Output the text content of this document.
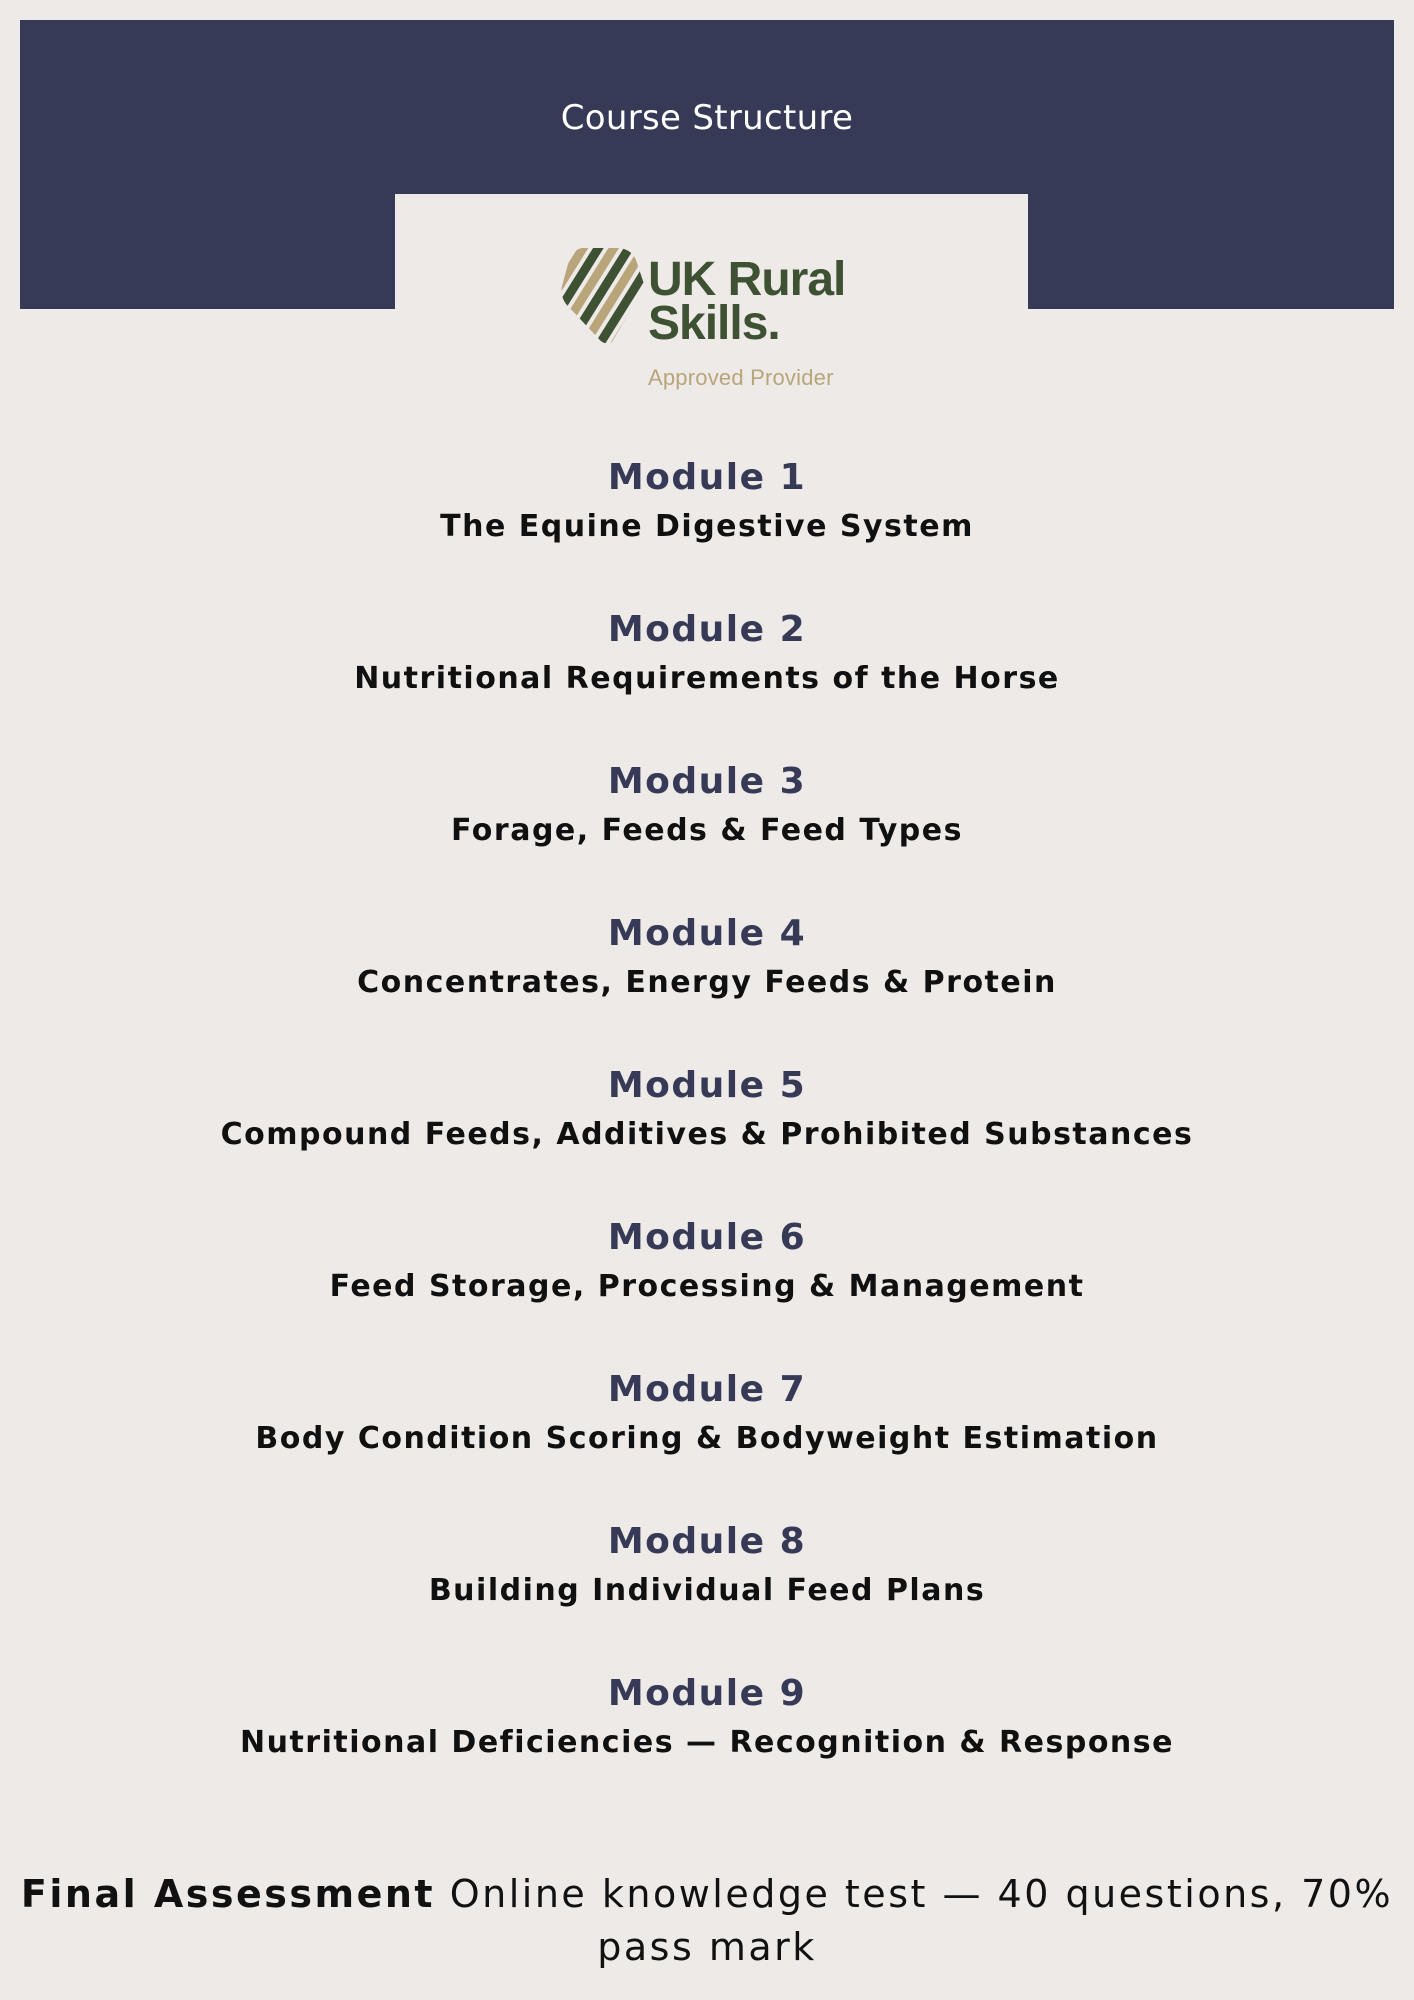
Course Structure
UK Rural
Skills.
Approved Provider
Module 1
The Equine Digestive System
Module 2
Nutritional Requirements of the Horse
Module 3
Forage, Feeds & Feed Types
Module 4
Concentrates, Energy Feeds & Protein
Module 5
Compound Feeds, Additives & Prohibited Substances
Module 6
Feed Storage, Processing & Management
Module 7
Body Condition Scoring & Bodyweight Estimation
Module 8
Building Individual Feed Plans
Module 9
Nutritional Deficiencies — Recognition & Response
Final Assessment Online knowledge test — 40 questions, 70% pass mark
